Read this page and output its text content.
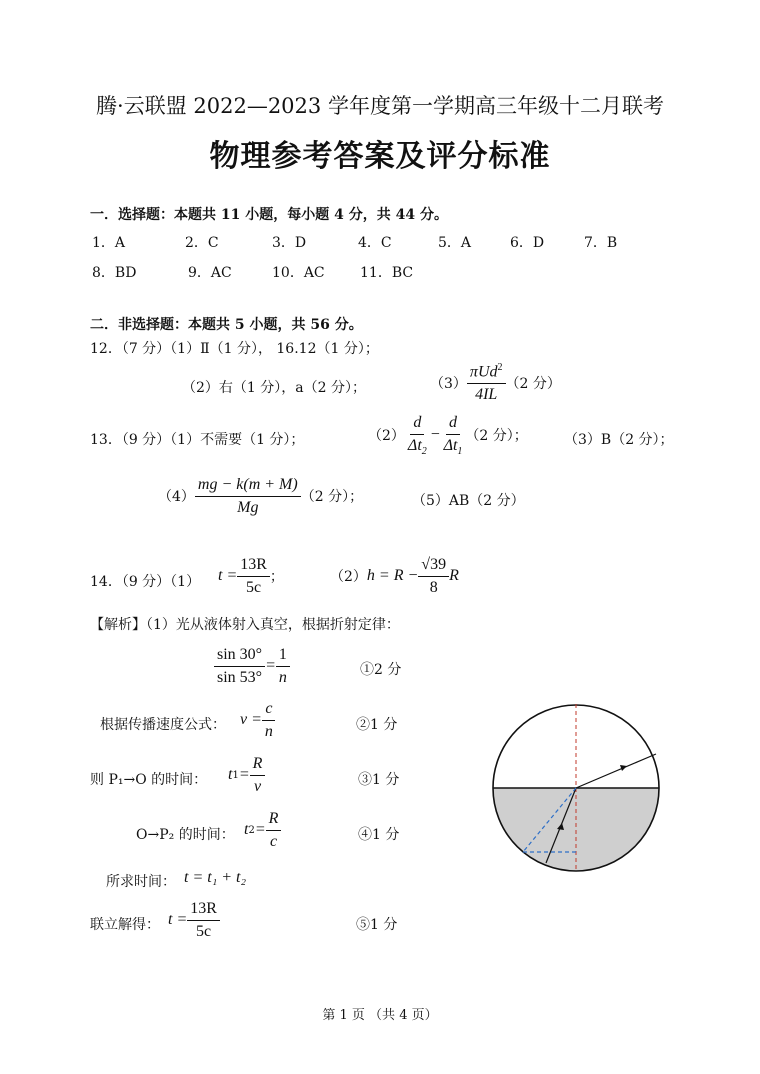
腾·云联盟 2022—2023 学年度第一学期高三年级十二月联考
物理参考答案及评分标准
一．选择题：本题共 11 小题，每小题 4 分，共 44 分。
1．A	2．C	3．D	4．C	5．A	6．D	7．B
8．BD	9．AC	10．AC	11．BC
二．非选择题：本题共 5 小题，共 56 分。
12．（7 分）（1）Ⅱ（1 分）， 16.12（1 分）；
（2）右（1 分），a（2 分）；	$(3) \frac{\pi Ud^2}{4IL} (2$ 分）
13．（9 分）（1）不需要（1 分）；	$(2) \frac{d}{\Delta t_2} - \frac{d}{\Delta t_1} (2$ 分）；	（3）B（2 分）；
$(4) \frac{mg - k(m + M)}{Mg} (2$ 分）；	（5）AB（2 分）
14．（9 分）（1） $t = \frac{13R}{5c}$ ；	（2） $h = R - \frac{√39}{8}$ R
【解析】（1）光从液体射入真空，根据折射定律：
$\frac{\sin 30^\circ}{\sin 53^\circ} = \frac{1}{n}$	①2 分
根据传播速度公式： $v = \frac{c}{n}$	②1 分
则 P₁→O 的时间： t $1 = \frac{R}{v}$	③1 分
O→P₂ 的时间： t $2 = \frac{R}{c}$	④1 分
所求时间： t = t₁ + t₂
联立解得： $t = \frac{13R}{5c}$	⑤1 分
第 1 页 （共 4 页）
